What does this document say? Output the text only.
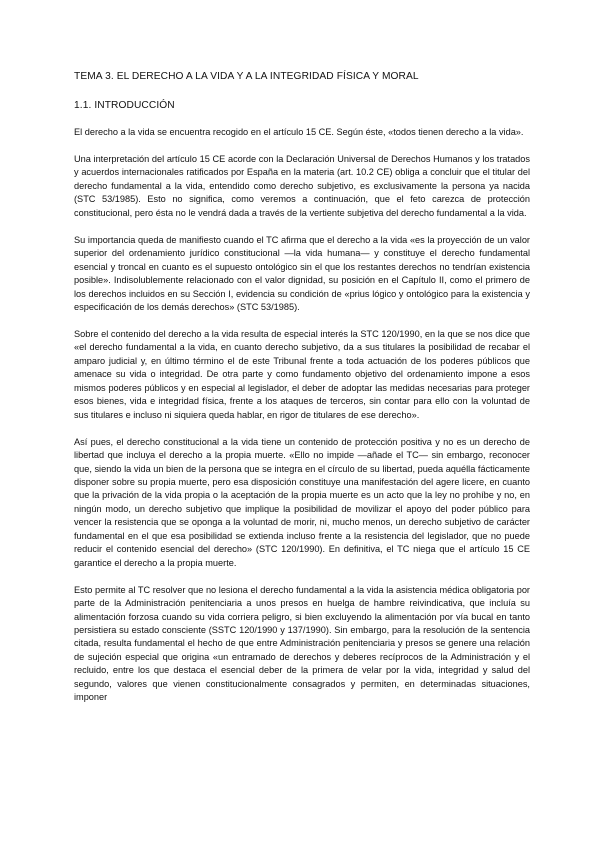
TEMA 3. EL DERECHO A LA VIDA Y A LA INTEGRIDAD FÍSICA Y MORAL
1.1. INTRODUCCIÓN

El derecho a la vida se encuentra recogido en el artículo 15 CE. Según éste, «todos tienen derecho a la vida».

Una interpretación del artículo 15 CE acorde con la Declaración Universal de Derechos Humanos y los tratados y acuerdos internacionales ratificados por España en la materia (art. 10.2 CE) obliga a concluir que el titular del derecho fundamental a la vida, entendido como derecho subjetivo, es exclusivamente la persona ya nacida (STC 53/1985). Esto no significa, como veremos a continuación, que el feto carezca de protección constitucional, pero ésta no le vendrá dada a través de la vertiente subjetiva del derecho fundamental a la vida.

Su importancia queda de manifiesto cuando el TC afirma que el derecho a la vida «es la proyección de un valor superior del ordenamiento jurídico constitucional —la vida humana— y constituye el derecho fundamental esencial y troncal en cuanto es el supuesto ontológico sin el que los restantes derechos no tendrían existencia posible». Indisolublemente relacionado con el valor dignidad, su posición en el Capítulo II, como el primero de los derechos incluidos en su Sección I, evidencia su condición de «prius lógico y ontológico para la existencia y especificación de los demás derechos» (STC 53/1985).

Sobre el contenido del derecho a la vida resulta de especial interés la STC 120/1990, en la que se nos dice que «el derecho fundamental a la vida, en cuanto derecho subjetivo, da a sus titulares la posibilidad de recabar el amparo judicial y, en último término el de este Tribunal frente a toda actuación de los poderes públicos que amenace su vida o integridad. De otra parte y como fundamento objetivo del ordenamiento impone a esos mismos poderes públicos y en especial al legislador, el deber de adoptar las medidas necesarias para proteger esos bienes, vida e integridad física, frente a los ataques de terceros, sin contar para ello con la voluntad de sus titulares e incluso ni siquiera queda hablar, en rigor de titulares de ese derecho».

Así pues, el derecho constitucional a la vida tiene un contenido de protección positiva y no es un derecho de libertad que incluya el derecho a la propia muerte. «Ello no impide —añade el TC— sin embargo, reconocer que, siendo la vida un bien de la persona que se integra en el círculo de su libertad, pueda aquélla fácticamente disponer sobre su propia muerte, pero esa disposición constituye una manifestación del agere licere, en cuanto que la privación de la vida propia o la aceptación de la propia muerte es un acto que la ley no prohíbe y no, en ningún modo, un derecho subjetivo que implique la posibilidad de movilizar el apoyo del poder público para vencer la resistencia que se oponga a la voluntad de morir, ni, mucho menos, un derecho subjetivo de carácter fundamental en el que esa posibilidad se extienda incluso frente a la resistencia del legislador, que no puede reducir el contenido esencial del derecho» (STC 120/1990). En definitiva, el TC niega que el artículo 15 CE garantice el derecho a la propia muerte.

Esto permite al TC resolver que no lesiona el derecho fundamental a la vida la asistencia médica obligatoria por parte de la Administración penitenciaria a unos presos en huelga de hambre reivindicativa, que incluía su alimentación forzosa cuando su vida corriera peligro, si bien excluyendo la alimentación por vía bucal en tanto persistiera su estado consciente (SSTC 120/1990 y 137/1990). Sin embargo, para la resolución de la sentencia citada, resulta fundamental el hecho de que entre Administración penitenciaria y presos se genere una relación de sujeción especial que origina «un entramado de derechos y deberes recíprocos de la Administración y el recluido, entre los que destaca el esencial deber de la primera de velar por la vida, integridad y salud del segundo, valores que vienen constitucionalmente consagrados y permiten, en determinadas situaciones, imponer
